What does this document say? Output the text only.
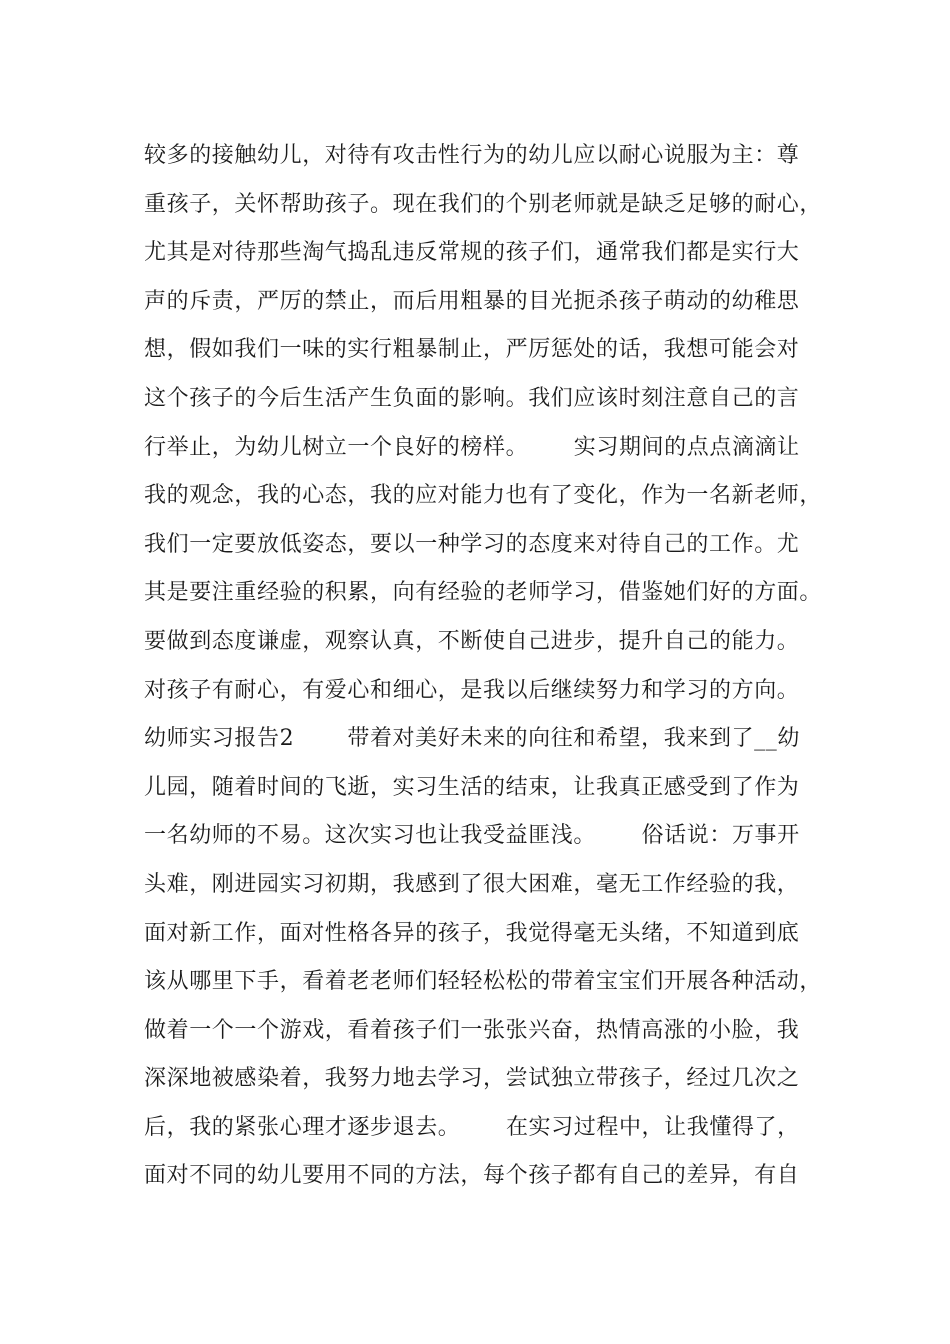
较多的接触幼儿，对待有攻击性行为的幼儿应以耐心说服为主：尊
重孩子，关怀帮助孩子。现在我们的个别老师就是缺乏足够的耐心，
尤其是对待那些淘气捣乱违反常规的孩子们，通常我们都是实行大
声的斥责，严厉的禁止，而后用粗暴的目光扼杀孩子萌动的幼稚思
想，假如我们一味的实行粗暴制止，严厉惩处的话，我想可能会对
这个孩子的今后生活产生负面的影响。我们应该时刻注意自己的言
行举止，为幼儿树立一个良好的榜样。      实习期间的点点滴滴让
我的观念，我的心态，我的应对能力也有了变化，作为一名新老师，
我们一定要放低姿态，要以一种学习的态度来对待自己的工作。尤
其是要注重经验的积累，向有经验的老师学习，借鉴她们好的方面。
要做到态度谦虚，观察认真，不断使自己进步，提升自己的能力。
对孩子有耐心，有爱心和细心，是我以后继续努力和学习的方向。
幼师实习报告2       带着对美好未来的向往和希望，我来到了__幼
儿园，随着时间的飞逝，实习生活的结束，让我真正感受到了作为
一名幼师的不易。这次实习也让我受益匪浅。      俗话说：万事开
头难，刚进园实习初期，我感到了很大困难，毫无工作经验的我，
面对新工作，面对性格各异的孩子，我觉得毫无头绪，不知道到底
该从哪里下手，看着老老师们轻轻松松的带着宝宝们开展各种活动，
做着一个一个游戏，看着孩子们一张张兴奋，热情高涨的小脸，我
深深地被感染着，我努力地去学习，尝试独立带孩子，经过几次之
后，我的紧张心理才逐步退去。      在实习过程中，让我懂得了，
面对不同的幼儿要用不同的方法，每个孩子都有自己的差异，有自
